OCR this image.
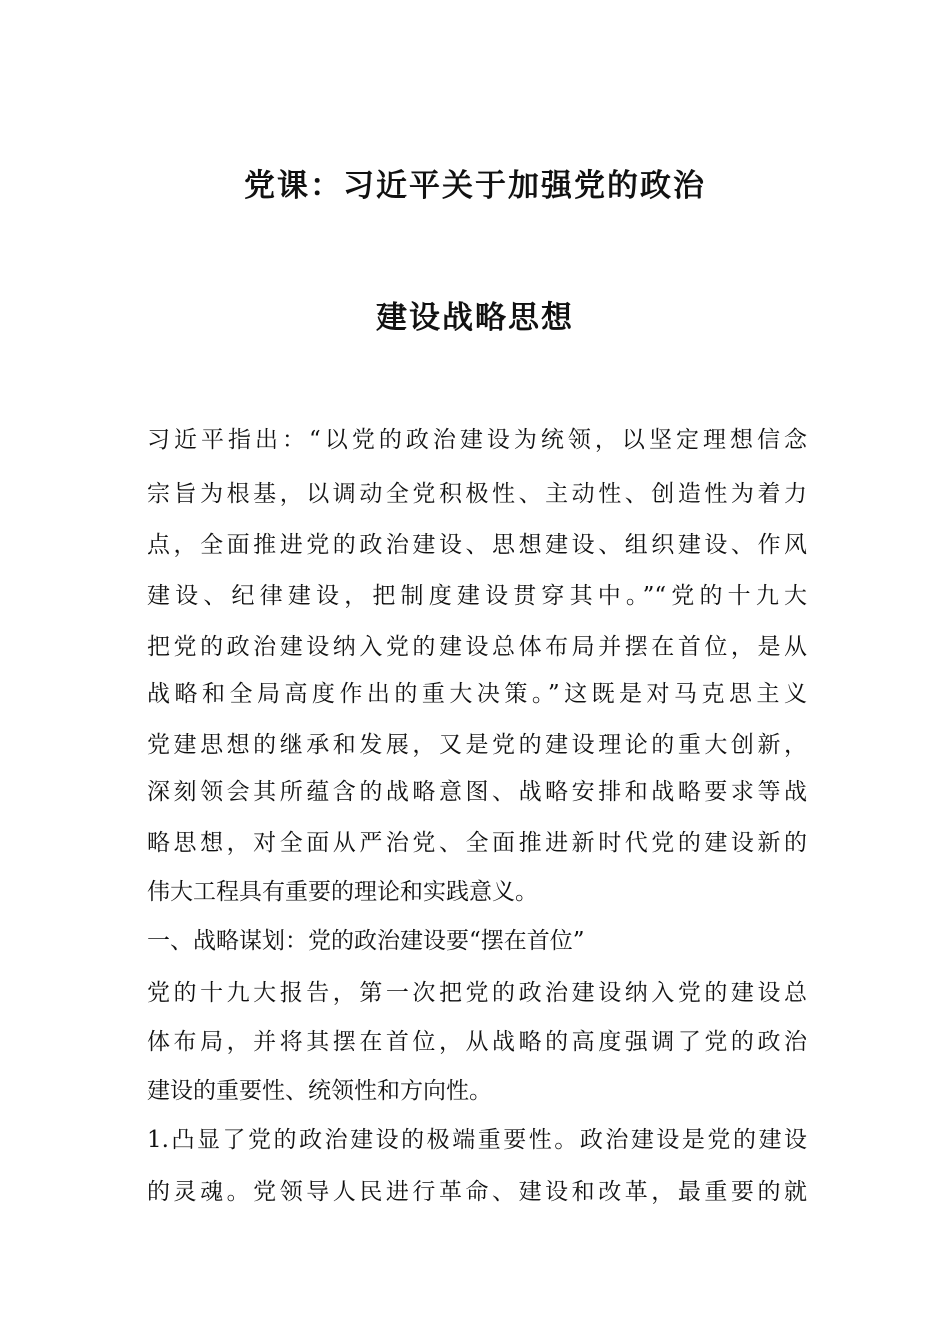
党课：习近平关于加强党的政治
建设战略思想

习近平指出：“以党的政治建设为统领，以坚定理想信念

宗旨为根基，以调动全党积极性、主动性、创造性为着力

点，全面推进党的政治建设、思想建设、组织建设、作风

建设、纪律建设，把制度建设贯穿其中。”“党的十九大

把党的政治建设纳入党的建设总体布局并摆在首位，是从

战略和全局高度作出的重大决策。”这既是对马克思主义

党建思想的继承和发展，又是党的建设理论的重大创新，

深刻领会其所蕴含的战略意图、战略安排和战略要求等战

略思想，对全面从严治党、全面推进新时代党的建设新的

伟大工程具有重要的理论和实践意义。

一、战略谋划：党的政治建设要“摆在首位”

党的十九大报告，第一次把党的政治建设纳入党的建设总

体布局，并将其摆在首位，从战略的高度强调了党的政治

建设的重要性、统领性和方向性。

1.凸显了党的政治建设的极端重要性。政治建设是党的建设

的灵魂。党领导人民进行革命、建设和改革，最重要的就
